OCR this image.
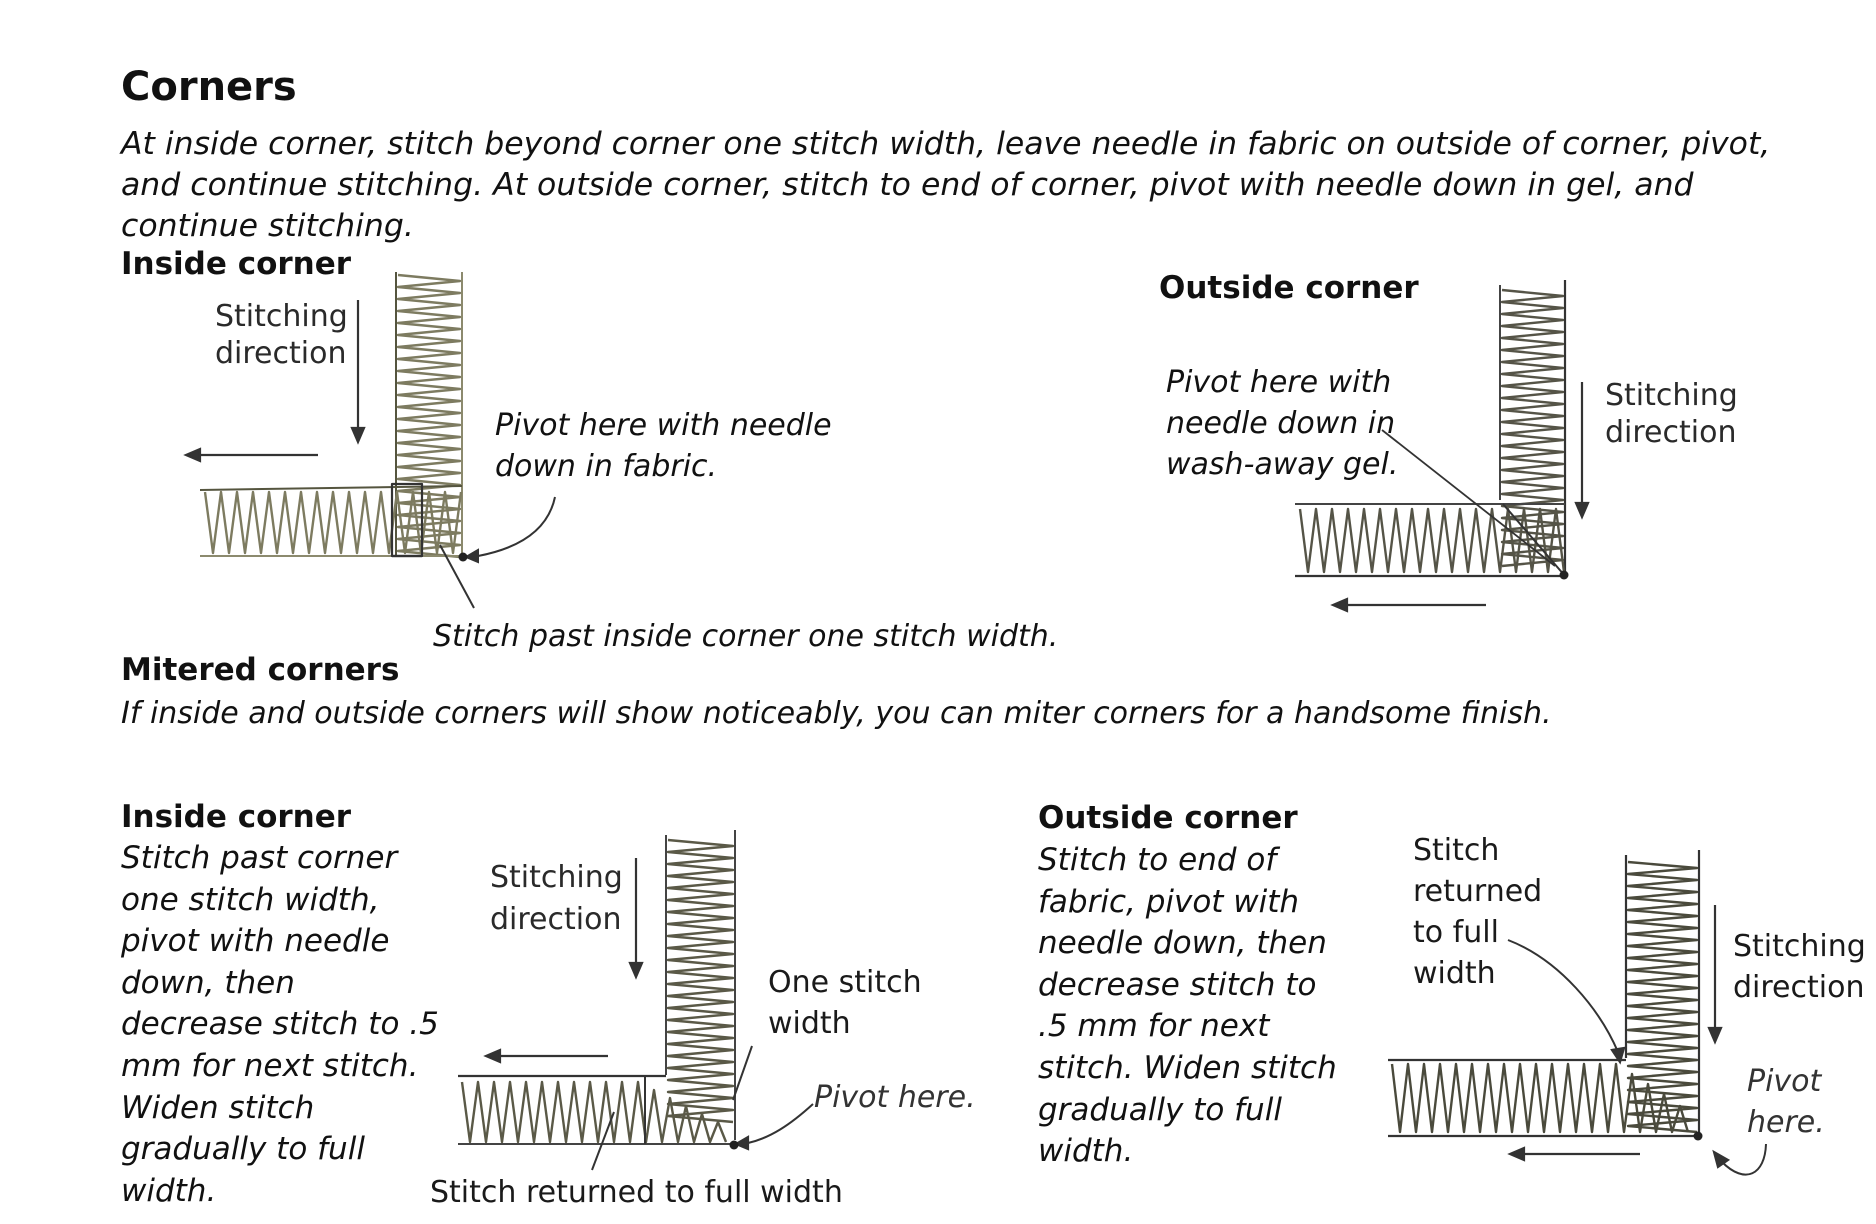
Corners
At inside corner, stitch beyond corner one stitch width, leave needle in fabric on outside of corner, pivot, and continue stitching. At outside corner, stitch to end of corner, pivot with needle down in gel, and continue stitching.
Inside corner
Stitching direction
Pivot here with needle down in fabric.
Stitch past inside corner one stitch width.
Outside corner
Pivot here with needle down in wash-away gel.
Stitching direction
Mitered corners
If inside and outside corners will show noticeably, you can miter corners for a handsome finish.
Inside corner
Stitch past corner one stitch width, pivot with needle down, then decrease stitch to .5 mm for next stitch. Widen stitch gradually to full width.
Stitching direction
One stitch width
Pivot here.
Stitch returned to full width
Outside corner
Stitch to end of fabric, pivot with needle down, then decrease stitch to .5 mm for next stitch. Widen stitch gradually to full width.
Stitch returned to full width
Stitching direction
Pivot here.
